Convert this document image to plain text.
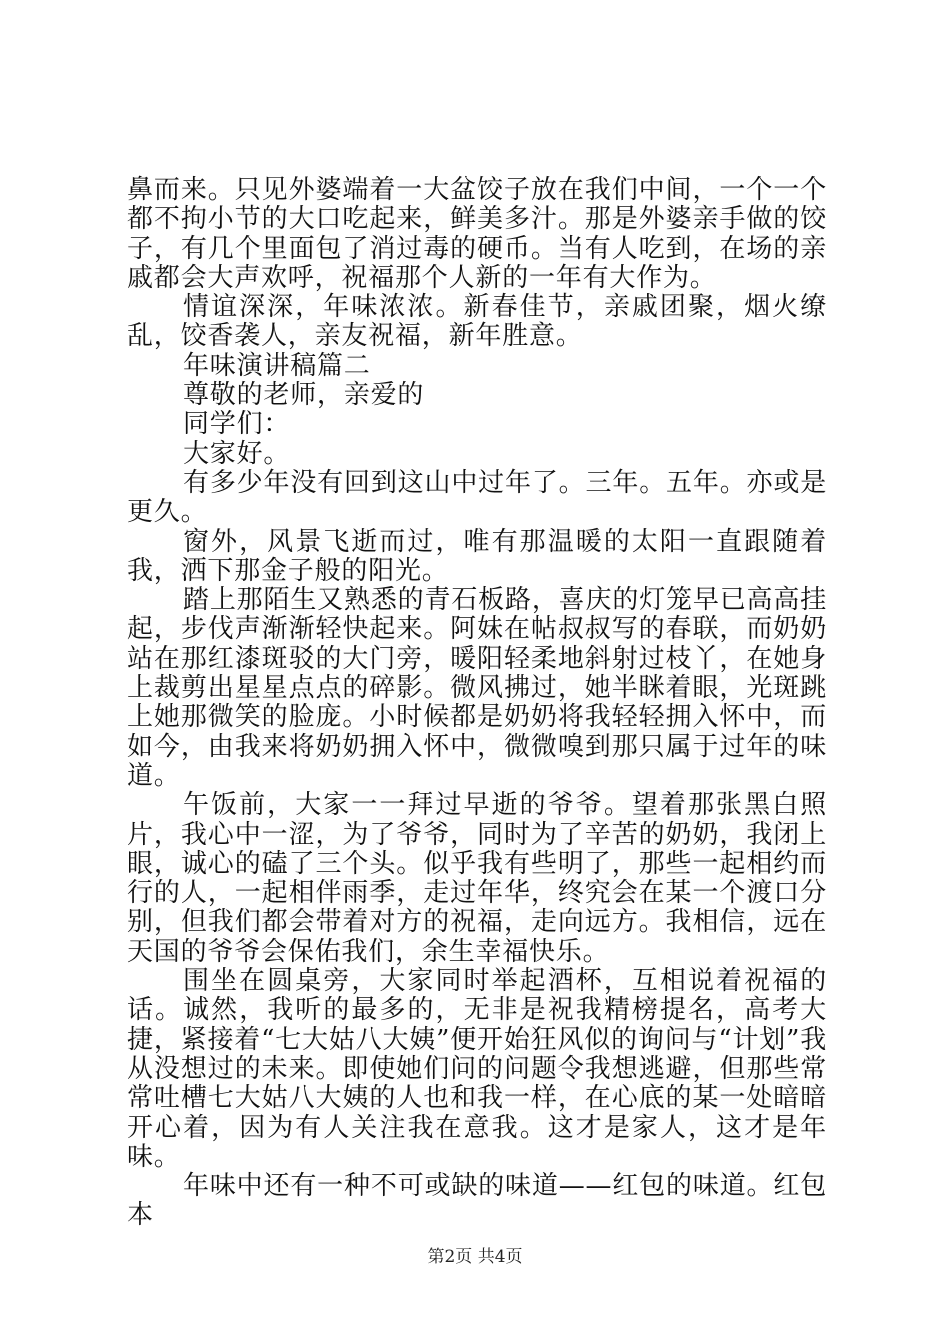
鼻而来。只见外婆端着一大盆饺子放在我们中间，一个一个都不拘小节的大口吃起来，鲜美多汁。那是外婆亲手做的饺子，有几个里面包了消过毒的硬币。当有人吃到，在场的亲戚都会大声欢呼，祝福那个人新的一年有大作为。

情谊深深，年味浓浓。新春佳节，亲戚团聚，烟火缭乱，饺香袭人，亲友祝福，新年胜意。

年味演讲稿篇二

尊敬的老师，亲爱的

同学们：

大家好。

有多少年没有回到这山中过年了。三年。五年。亦或是更久。

窗外，风景飞逝而过，唯有那温暖的太阳一直跟随着我，洒下那金子般的阳光。

踏上那陌生又熟悉的青石板路，喜庆的灯笼早已高高挂起，步伐声渐渐轻快起来。阿妹在帖叔叔写的春联，而奶奶站在那红漆斑驳的大门旁，暖阳轻柔地斜射过枝丫，在她身上裁剪出星星点点的碎影。微风拂过，她半眯着眼，光斑跳上她那微笑的脸庞。小时候都是奶奶将我轻轻拥入怀中，而如今，由我来将奶奶拥入怀中，微微嗅到那只属于过年的味道。

午饭前，大家一一拜过早逝的爷爷。望着那张黑白照片，我心中一涩，为了爷爷，同时为了辛苦的奶奶，我闭上眼，诚心的磕了三个头。似乎我有些明了，那些一起相约而行的人，一起相伴雨季，走过年华，终究会在某一个渡口分别，但我们都会带着对方的祝福，走向远方。我相信，远在天国的爷爷会保佑我们，余生幸福快乐。

围坐在圆桌旁，大家同时举起酒杯，互相说着祝福的话。诚然，我听的最多的，无非是祝我精榜提名，高考大捷，紧接着“七大姑八大姨”便开始狂风似的询问与“计划”我从没想过的未来。即使她们问的问题令我想逃避，但那些常常吐槽七大姑八大姨的人也和我一样，在心底的某一处暗暗开心着，因为有人关注我在意我。这才是家人，这才是年味。

年味中还有一种不可或缺的味道——红包的味道。红包本

第2页 共4页
